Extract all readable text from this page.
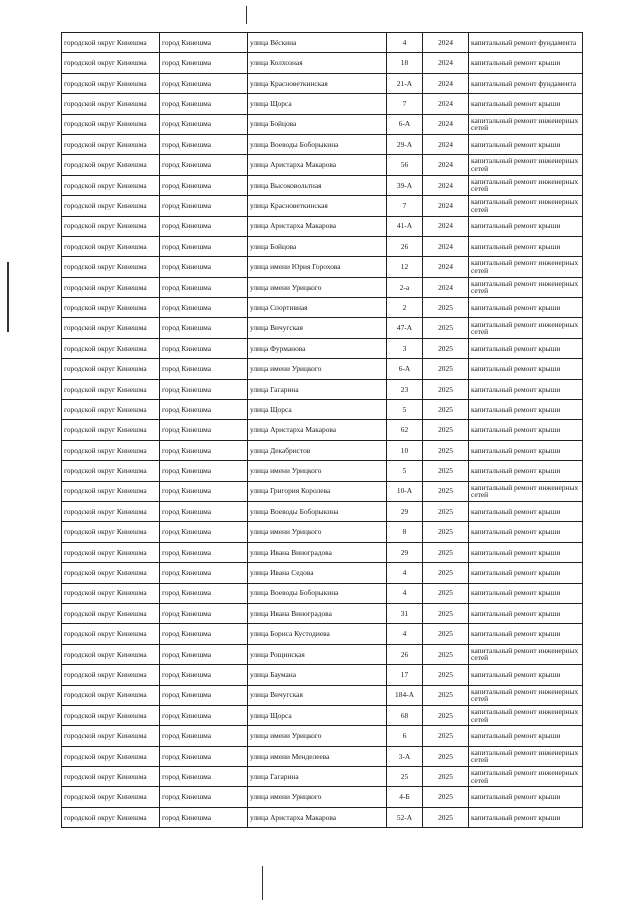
городской округ Кинешма	город Кинешма	улица Вёскина	4	2024	капитальный ремонт фундамента
городской округ Кинешма	город Кинешма	улица Колхозная	18	2024	капитальный ремонт крыши
городской округ Кинешма	город Кинешма	улица Красноветкинская	21-А	2024	капитальный ремонт фундамента
городской округ Кинешма	город Кинешма	улица Щорса	7	2024	капитальный ремонт крыши
городской округ Кинешма	город Кинешма	улица Бойцова	6-А	2024	капитальный ремонт инженерных сетей
городской округ Кинешма	город Кинешма	улица Воеводы Боборыкина	29-А	2024	капитальный ремонт крыши
городской округ Кинешма	город Кинешма	улица Аристарха Макарова	56	2024	капитальный ремонт инженерных сетей
городской округ Кинешма	город Кинешма	улица Высоковольтная	39-А	2024	капитальный ремонт инженерных сетей
городской округ Кинешма	город Кинешма	улица Красноветкинская	7	2024	капитальный ремонт инженерных сетей
городской округ Кинешма	город Кинешма	улица Аристарха Макарова	41-А	2024	капитальный ремонт крыши
городской округ Кинешма	город Кинешма	улица Бойцова	26	2024	капитальный ремонт крыши
городской округ Кинешма	город Кинешма	улица имени Юрия Горохова	12	2024	капитальный ремонт инженерных сетей
городской округ Кинешма	город Кинешма	улица имени Урицкого	2-а	2024	капитальный ремонт инженерных сетей
городской округ Кинешма	город Кинешма	улица Спортивная	2	2025	капитальный ремонт крыши
городской округ Кинешма	город Кинешма	улица Вичугская	47-А	2025	капитальный ремонт инженерных сетей
городской округ Кинешма	город Кинешма	улица Фурманова	3	2025	капитальный ремонт крыши
городской округ Кинешма	город Кинешма	улица имени Урицкого	6-А	2025	капитальный ремонт крыши
городской округ Кинешма	город Кинешма	улица Гагарина	23	2025	капитальный ремонт крыши
городской округ Кинешма	город Кинешма	улица Щорса	5	2025	капитальный ремонт крыши
городской округ Кинешма	город Кинешма	улица Аристарха Макарова	62	2025	капитальный ремонт крыши
городской округ Кинешма	город Кинешма	улица Декабристов	10	2025	капитальный ремонт крыши
городской округ Кинешма	город Кинешма	улица имени Урицкого	5	2025	капитальный ремонт крыши
городской округ Кинешма	город Кинешма	улица Григория Королева	10-А	2025	капитальный ремонт инженерных сетей
городской округ Кинешма	город Кинешма	улица Воеводы Боборыкина	29	2025	капитальный ремонт крыши
городской округ Кинешма	город Кинешма	улица имени Урицкого	8	2025	капитальный ремонт крыши
городской округ Кинешма	город Кинешма	улица Ивана Виноградова	29	2025	капитальный ремонт крыши
городской округ Кинешма	город Кинешма	улица Ивана Седова	4	2025	капитальный ремонт крыши
городской округ Кинешма	город Кинешма	улица Воеводы Боборыкина	4	2025	капитальный ремонт крыши
городской округ Кинешма	город Кинешма	улица Ивана Виноградова	31	2025	капитальный ремонт крыши
городской округ Кинешма	город Кинешма	улица Бориса Кустодиева	4	2025	капитальный ремонт крыши
городской округ Кинешма	город Кинешма	улица Рощинская	26	2025	капитальный ремонт инженерных сетей
городской округ Кинешма	город Кинешма	улица Баумана	17	2025	капитальный ремонт крыши
городской округ Кинешма	город Кинешма	улица Вичугская	184-А	2025	капитальный ремонт инженерных сетей
городской округ Кинешма	город Кинешма	улица Щорса	68	2025	капитальный ремонт инженерных сетей
городской округ Кинешма	город Кинешма	улица имени Урицкого	6	2025	капитальный ремонт крыши
городской округ Кинешма	город Кинешма	улица имени Менделеева	3-А	2025	капитальный ремонт инженерных сетей
городской округ Кинешма	город Кинешма	улица Гагарина	25	2025	капитальный ремонт инженерных сетей
городской округ Кинешма	город Кинешма	улица имени Урицкого	4-Б	2025	капитальный ремонт крыши
городской округ Кинешма	город Кинешма	улица Аристарха Макарова	52-А	2025	капитальный ремонт крыши
